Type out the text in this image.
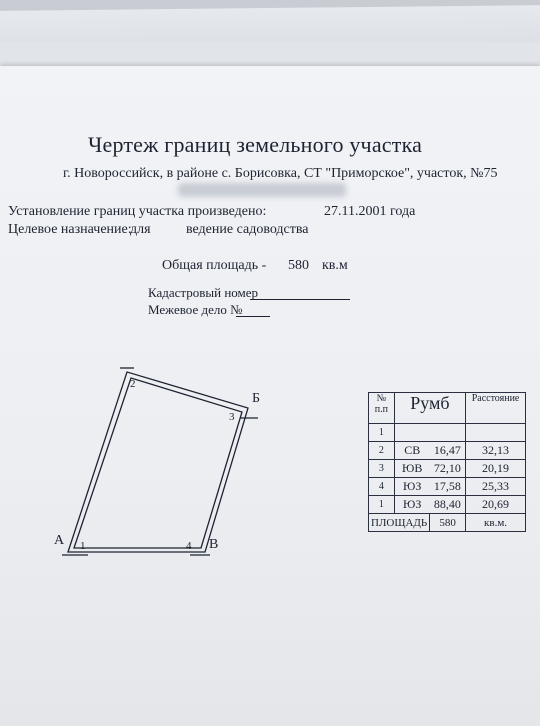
Чертеж границ земельного участка
г. Новороссийск, в районе с. Борисовка, СТ "Приморское", участок, №75
Установление границ участка произведено:	27.11.2001 года
Целевое назначение:
для	ведение садоводства
Общая площадь - 580 кв.м
Кадастровый номер
Межевое дело №
А
Б
В
1
2
3
4
№ п.п	Румб		Расстояние
1			
2	СВ	16,47	32,13
3	ЮВ	72,10	20,19
4	ЮЗ	17,58	25,33
1	ЮЗ	88,40	20,69
ПЛОЩАДЬ		580	кв.м.
